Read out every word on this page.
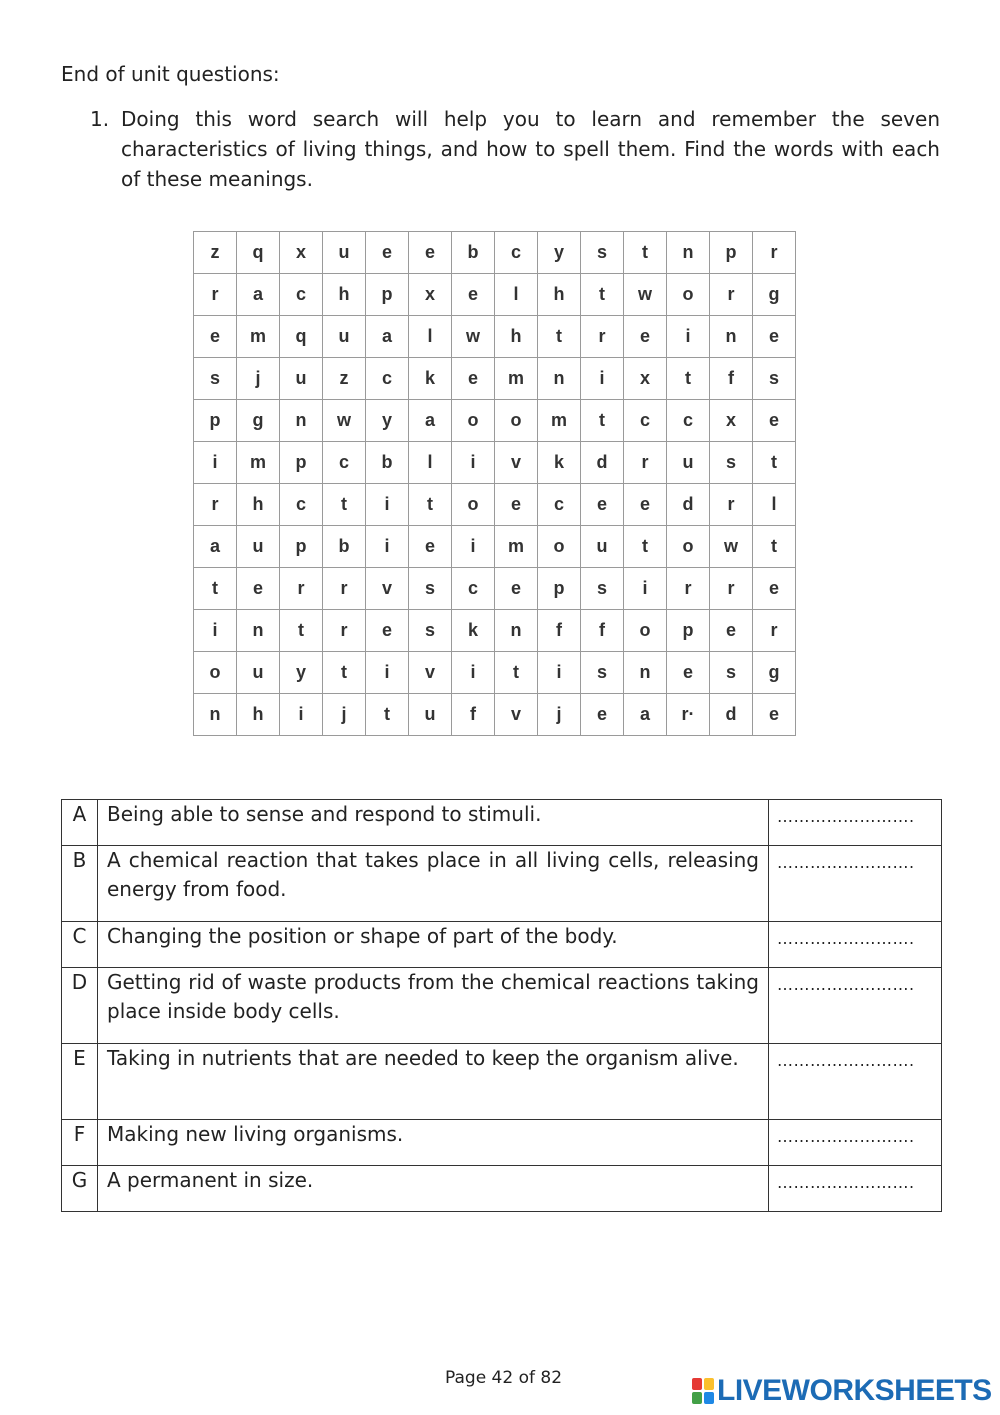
End of unit questions:
1. Doing this word search will help you to learn and remember the seven characteristics of living things, and how to spell them. Find the words with each of these meanings.
z	q	x	u	e	e	b	c	y	s	t	n	p	r
r	a	c	h	p	x	e	l	h	t	w	o	r	g
e	m	q	u	a	l	w	h	t	r	e	i	n	e
s	j	u	z	c	k	e	m	n	i	x	t	f	s
p	g	n	w	y	a	o	o	m	t	c	c	x	e
i	m	p	c	b	l	i	v	k	d	r	u	s	t
r	h	c	t	i	t	o	e	c	e	e	d	r	l
a	u	p	b	i	e	i	m	o	u	t	o	w	t
t	e	r	r	v	s	c	e	p	s	i	r	r	e
i	n	t	r	e	s	k	n	f	f	o	p	e	r
o	u	y	t	i	v	i	t	i	s	n	e	s	g
n	h	i	j	t	u	f	v	j	e	a	r·	d	e
A	Being able to sense and respond to stimuli.	…………………….
B	A chemical reaction that takes place in all living cells, releasing energy from food.	…………………….
C	Changing the position or shape of part of the body.	…………………….
D	Getting rid of waste products from the chemical reactions taking place inside body cells.	…………………….
E	Taking in nutrients that are needed to keep the organism alive.	…………………….
F	Making new living organisms.	…………………….
G	A permanent in size.	…………………….
Page 42 of 82	LIVEWORKSHEETS
